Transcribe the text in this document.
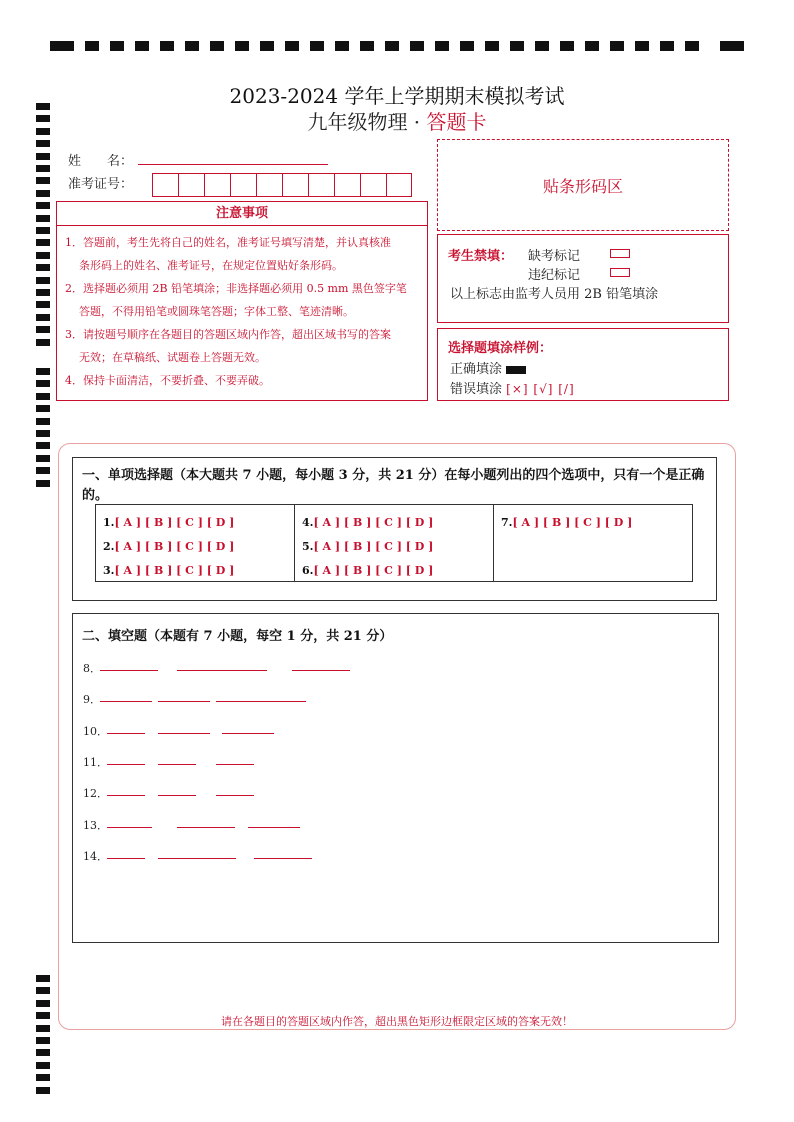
2023-2024 学年上学期期末模拟考试
九年级物理 · 答题卡
姓　　名：
准考证号：	贴条形码区
注意事项
1．答题前，考生先将自己的姓名，准考证号填写清楚，并认真核准
条形码上的姓名、准考证号，在规定位置贴好条形码。
2．选择题必须用 2B 铅笔填涂；非选择题必须用 0.5 mm 黑色签字笔
答题，不得用铅笔或圆珠笔答题；字体工整、笔迹清晰。
3．请按题号顺序在各题目的答题区域内作答，超出区域书写的答案
无效；在草稿纸、试题卷上答题无效。
4．保持卡面清洁，不要折叠、不要弄破。
考生禁填： 缺考标记
违纪标记
以上标志由监考人员用 2B 铅笔填涂
选择题填涂样例：
正确填涂
错误填涂 [×] [√] [/]
一、单项选择题（本大题共 7 小题，每小题 3 分，共 21 分）在每小题列出的四个选项中，只有一个是正确的。
1.[ A ] [ B ] [ C ] [ D ]
2.[ A ] [ B ] [ C ] [ D ]
3.[ A ] [ B ] [ C ] [ D ]
4.[ A ] [ B ] [ C ] [ D ]
5.[ A ] [ B ] [ C ] [ D ]
6.[ A ] [ B ] [ C ] [ D ]
7.[ A ] [ B ] [ C ] [ D ]
二、填空题（本题有 7 小题，每空 1 分，共 21 分）
8．
9．
10．
11．
12．
13．
14．
请在各题目的答题区域内作答，超出黑色矩形边框限定区域的答案无效！
